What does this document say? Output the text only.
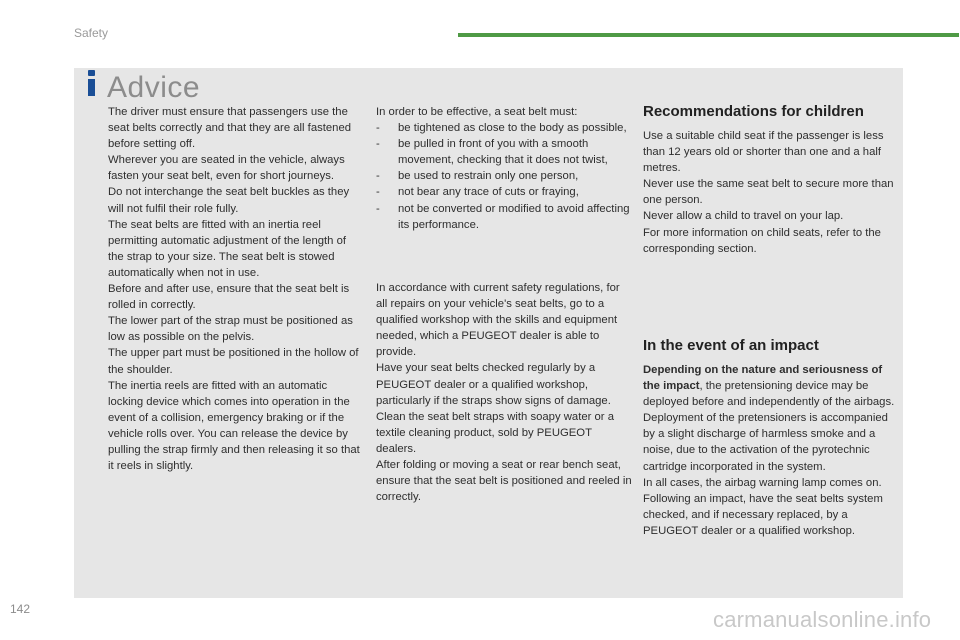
Safety
Advice

The driver must ensure that passengers use the seat belts correctly and that they are all fastened before setting off.

Wherever you are seated in the vehicle, always fasten your seat belt, even for short journeys.

Do not interchange the seat belt buckles as they will not fulfil their role fully.

The seat belts are fitted with an inertia reel permitting automatic adjustment of the length of the strap to your size. The seat belt is stowed automatically when not in use.

Before and after use, ensure that the seat belt is rolled in correctly.

The lower part of the strap must be positioned as low as possible on the pelvis.

The upper part must be positioned in the hollow of the shoulder.

The inertia reels are fitted with an automatic locking device which comes into operation in the event of a collision, emergency braking or if the vehicle rolls over. You can release the device by pulling the strap firmly and then releasing it so that it reels in slightly.

In order to be effective, a seat belt must:

-	be tightened as close to the body as possible,
-	be pulled in front of you with a smooth movement, checking that it does not twist,
-	be used to restrain only one person,
-	not bear any trace of cuts or fraying,
-	not be converted or modified to avoid affecting its performance.

In accordance with current safety regulations, for all repairs on your vehicle's seat belts, go to a qualified workshop with the skills and equipment needed, which a PEUGEOT dealer is able to provide.

Have your seat belts checked regularly by a PEUGEOT dealer or a qualified workshop, particularly if the straps show signs of damage.

Clean the seat belt straps with soapy water or a textile cleaning product, sold by PEUGEOT dealers.

After folding or moving a seat or rear bench seat, ensure that the seat belt is positioned and reeled in correctly.

Recommendations for children

Use a suitable child seat if the passenger is less than 12 years old or shorter than one and a half metres.

Never use the same seat belt to secure more than one person.

Never allow a child to travel on your lap.

For more information on child seats, refer to the corresponding section.

In the event of an impact

Depending on the nature and seriousness of the impact, the pretensioning device may be deployed before and independently of the airbags. Deployment of the pretensioners is accompanied by a slight discharge of harmless smoke and a noise, due to the activation of the pyrotechnic cartridge incorporated in the system.

In all cases, the airbag warning lamp comes on.

Following an impact, have the seat belts system checked, and if necessary replaced, by a PEUGEOT dealer or a qualified workshop.

142	carmanualsonline.info
